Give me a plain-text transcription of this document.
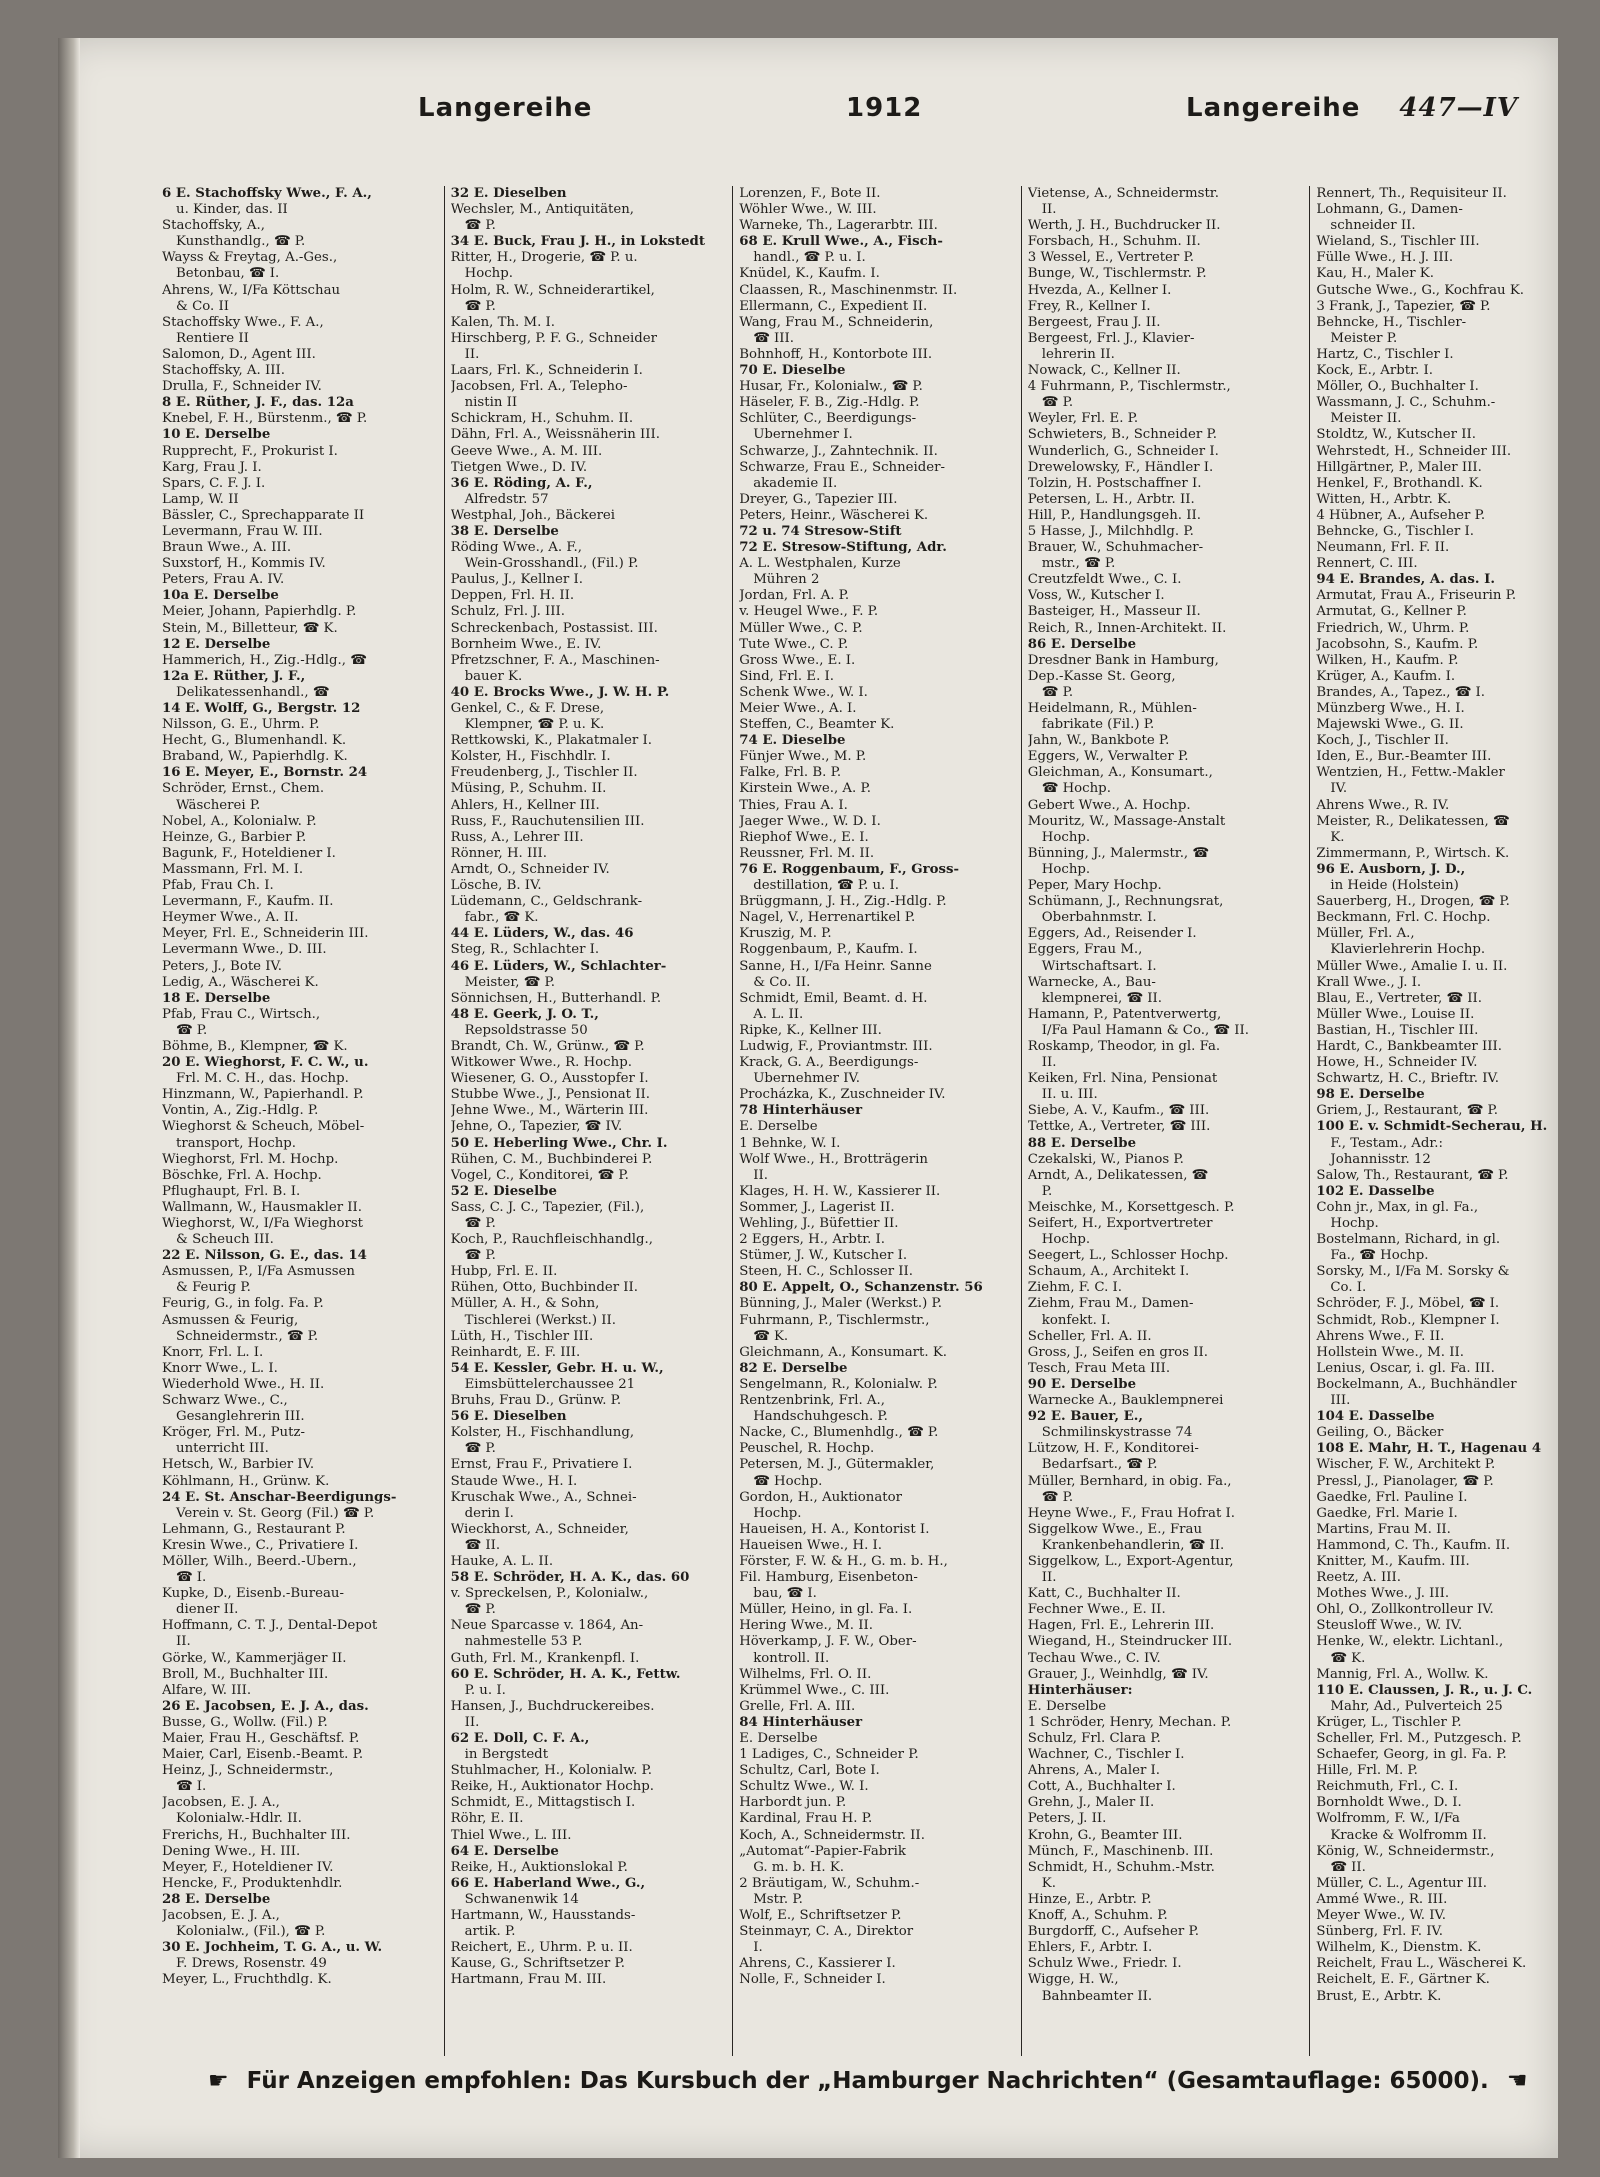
Langereihe	1912	Langereihe 447—IV
6 E. Stachoffsky Wwe., F. A.,
u. Kinder, das. II
Stachoffsky, A.,
Kunsthandlg., ☎ P.
Wayss & Freytag, A.-Ges.,
Betonbau, ☎ I.
Ahrens, W., I/Fa Köttschau
& Co. II
Stachoffsky Wwe., F. A.,
Rentiere II
Salomon, D., Agent III.
Stachoffsky, A. III.
Drulla, F., Schneider IV.
8 E. Rüther, J. F., das. 12a
Knebel, F. H., Bürstenm., ☎ P.
10 E. Derselbe
Rupprecht, F., Prokurist I.
Karg, Frau J. I.
Spars, C. F. J. I.
Lamp, W. II
Bässler, C., Sprechapparate II
Levermann, Frau W. III.
Braun Wwe., A. III.
Suxstorf, H., Kommis IV.
Peters, Frau A. IV.
10a E. Derselbe
Meier, Johann, Papierhdlg. P.
Stein, M., Billetteur, ☎ K.
12 E. Derselbe
Hammerich, H., Zig.-Hdlg., ☎
12a E. Rüther, J. F.,
Delikatessenhandl., ☎
14 E. Wolff, G., Bergstr. 12
Nilsson, G. E., Uhrm. P.
Hecht, G., Blumenhandl. K.
Braband, W., Papierhdlg. K.
16 E. Meyer, E., Bornstr. 24
Schröder, Ernst., Chem.
Wäscherei P.
Nobel, A., Kolonialw. P.
Heinze, G., Barbier P.
Bagunk, F., Hoteldiener I.
Massmann, Frl. M. I.
Pfab, Frau Ch. I.
Levermann, F., Kaufm. II.
Heymer Wwe., A. II.
Meyer, Frl. E., Schneiderin III.
Levermann Wwe., D. III.
Peters, J., Bote IV.
Ledig, A., Wäscherei K.
18 E. Derselbe
Pfab, Frau C., Wirtsch.,
☎ P.
Böhme, B., Klempner, ☎ K.
20 E. Wieghorst, F. C. W., u.
Frl. M. C. H., das. Hochp.
Hinzmann, W., Papierhandl. P.
Vontin, A., Zig.-Hdlg. P.
Wieghorst & Scheuch, Möbel-
transport, Hochp.
Wieghorst, Frl. M. Hochp.
Böschke, Frl. A. Hochp.
Pflughaupt, Frl. B. I.
Wallmann, W., Hausmakler II.
Wieghorst, W., I/Fa Wieghorst
& Scheuch III.
22 E. Nilsson, G. E., das. 14
Asmussen, P., I/Fa Asmussen
& Feurig P.
Feurig, G., in folg. Fa. P.
Asmussen & Feurig,
Schneidermstr., ☎ P.
Knorr, Frl. L. I.
Knorr Wwe., L. I.
Wiederhold Wwe., H. II.
Schwarz Wwe., C.,
Gesanglehrerin III.
Kröger, Frl. M., Putz-
unterricht III.
Hetsch, W., Barbier IV.
Köhlmann, H., Grünw. K.
24 E. St. Anschar-Beerdigungs-
Verein v. St. Georg (Fil.) ☎ P.
Lehmann, G., Restaurant P.
Kresin Wwe., C., Privatiere I.
Möller, Wilh., Beerd.-Übern.,
☎ I.
Kupke, D., Eisenb.-Bureau-
diener II.
Hoffmann, C. T. J., Dental-Depot
II.
Görke, W., Kammerjäger II.
Broll, M., Buchhalter III.
Alfare, W. III.
26 E. Jacobsen, E. J. A., das.
Busse, G., Wollw. (Fil.) P.
Maier, Frau H., Geschäftsf. P.
Maier, Carl, Eisenb.-Beamt. P.
Heinz, J., Schneidermstr.,
☎ I.
Jacobsen, E. J. A.,
Kolonialw.-Hdlr. II.
Frerichs, H., Buchhalter III.
Dening Wwe., H. III.
Meyer, F., Hoteldiener IV.
Hencke, F., Produktenhdlr.
28 E. Derselbe
Jacobsen, E. J. A.,
Kolonialw., (Fil.), ☎ P.
30 E. Jochheim, T. G. A., u. W.
F. Drews, Rosenstr. 49
Meyer, L., Fruchthdlg. K.
32 E. Dieselben
Wechsler, M., Antiquitäten,
☎ P.
34 E. Buck, Frau J. H., in Lokstedt
Ritter, H., Drogerie, ☎ P. u.
Hochp.
Holm, R. W., Schneiderartikel,
☎ P.
Kalen, Th. M. I.
Hirschberg, P. F. G., Schneider
II.
Laars, Frl. K., Schneiderin I.
Jacobsen, Frl. A., Telepho-
nistin II
Schickram, H., Schuhm. II.
Dähn, Frl. A., Weissnäherin III.
Geeve Wwe., A. M. III.
Tietgen Wwe., D. IV.
36 E. Röding, A. F.,
Alfredstr. 57
Westphal, Joh., Bäckerei
38 E. Derselbe
Röding Wwe., A. F.,
Wein-Grosshandl., (Fil.) P.
Paulus, J., Kellner I.
Deppen, Frl. H. II.
Schulz, Frl. J. III.
Schreckenbach, Postassist. III.
Bornheim Wwe., E. IV.
Pfretzschner, F. A., Maschinen-
bauer K.
40 E. Brocks Wwe., J. W. H. P.
Genkel, C., & F. Drese,
Klempner, ☎ P. u. K.
Rettkowski, K., Plakatmaler I.
Kolster, H., Fischhdlr. I.
Freudenberg, J., Tischler II.
Müsing, P., Schuhm. II.
Ahlers, H., Kellner III.
Russ, F., Rauchutensilien III.
Russ, A., Lehrer III.
Rönner, H. III.
Arndt, O., Schneider IV.
Lösche, B. IV.
Lüdemann, C., Geldschrank-
fabr., ☎ K.
44 E. Lüders, W., das. 46
Steg, R., Schlachter I.
46 E. Lüders, W., Schlachter-
Meister, ☎ P.
Sönnichsen, H., Butterhandl. P.
48 E. Geerk, J. O. T.,
Repsoldstrasse 50
Brandt, Ch. W., Grünw., ☎ P.
Witkower Wwe., R. Hochp.
Wiesener, G. O., Ausstopfer I.
Stubbe Wwe., J., Pensionat II.
Jehne Wwe., M., Wärterin III.
Jehne, O., Tapezier, ☎ IV.
50 E. Heberling Wwe., Chr. I.
Rühen, C. M., Buchbinderei P.
Vogel, C., Konditorei, ☎ P.
52 E. Dieselbe
Sass, C. J. C., Tapezier, (Fil.),
☎ P.
Koch, P., Rauchfleischhandlg.,
☎ P.
Hubp, Frl. E. II.
Rühen, Otto, Buchbinder II.
Müller, A. H., & Sohn,
Tischlerei (Werkst.) II.
Lüth, H., Tischler III.
Reinhardt, E. F. III.
54 E. Kessler, Gebr. H. u. W.,
Eimsbüttelerchaussee 21
Bruhs, Frau D., Grünw. P.
56 E. Dieselben
Kolster, H., Fischhandlung,
☎ P.
Ernst, Frau F., Privatiere I.
Staude Wwe., H. I.
Kruschak Wwe., A., Schnei-
derin I.
Wieckhorst, A., Schneider,
☎ II.
Hauke, A. L. II.
58 E. Schröder, H. A. K., das. 60
v. Spreckelsen, P., Kolonialw.,
☎ P.
Neue Sparcasse v. 1864, An-
nahmestelle 53 P.
Guth, Frl. M., Krankenpfl. I.
60 E. Schröder, H. A. K., Fettw.
P. u. I.
Hansen, J., Buchdruckereibes.
II.
62 E. Doll, C. F. A.,
in Bergstedt
Stuhlmacher, H., Kolonialw. P.
Reike, H., Auktionator Hochp.
Schmidt, E., Mittagstisch I.
Röhr, E. II.
Thiel Wwe., L. III.
64 E. Derselbe
Reike, H., Auktionslokal P.
66 E. Haberland Wwe., G.,
Schwanenwik 14
Hartmann, W., Hausstands-
artik. P.
Reichert, E., Uhrm. P. u. II.
Kause, G., Schriftsetzer P.
Hartmann, Frau M. III.
Lorenzen, F., Bote II.
Wöhler Wwe., W. III.
Warneke, Th., Lagerarbtr. III.
68 E. Krull Wwe., A., Fisch-
handl., ☎ P. u. I.
Knüdel, K., Kaufm. I.
Claassen, R., Maschinenmstr. II.
Ellermann, C., Expedient II.
Wang, Frau M., Schneiderin,
☎ III.
Bohnhoff, H., Kontorbote III.
70 E. Dieselbe
Husar, Fr., Kolonialw., ☎ P.
Häseler, F. B., Zig.-Hdlg. P.
Schlüter, C., Beerdigungs-
Übernehmer I.
Schwarze, J., Zahntechnik. II.
Schwarze, Frau E., Schneider-
akademie II.
Dreyer, G., Tapezier III.
Peters, Heinr., Wäscherei K.
72 u. 74 Stresow-Stift
72 E. Stresow-Stiftung, Adr.
A. L. Westphalen, Kurze
Mühren 2
Jordan, Frl. A. P.
v. Heugel Wwe., F. P.
Müller Wwe., C. P.
Tute Wwe., C. P.
Gross Wwe., E. I.
Sind, Frl. E. I.
Schenk Wwe., W. I.
Meier Wwe., A. I.
Steffen, C., Beamter K.
74 E. Dieselbe
Fünjer Wwe., M. P.
Falke, Frl. B. P.
Kirstein Wwe., A. P.
Thies, Frau A. I.
Jaeger Wwe., W. D. I.
Riephof Wwe., E. I.
Reussner, Frl. M. II.
76 E. Roggenbaum, F., Gross-
destillation, ☎ P. u. I.
Brüggmann, J. H., Zig.-Hdlg. P.
Nagel, V., Herrenartikel P.
Kruszig, M. P.
Roggenbaum, P., Kaufm. I.
Sanne, H., I/Fa Heinr. Sanne
& Co. II.
Schmidt, Emil, Beamt. d. H.
A. L. II.
Ripke, K., Kellner III.
Ludwig, F., Proviantmstr. III.
Krack, G. A., Beerdigungs-
Übernehmer IV.
Procházka, K., Zuschneider IV.
78 Hinterhäuser
E. Derselbe
1 Behnke, W. I.
Wolf Wwe., H., Brotträgerin
II.
Klages, H. H. W., Kassierer II.
Sommer, J., Lagerist II.
Wehling, J., Büfettier II.
2 Eggers, H., Arbtr. I.
Stümer, J. W., Kutscher I.
Steen, H. C., Schlosser II.
80 E. Appelt, O., Schanzenstr. 56
Bünning, J., Maler (Werkst.) P.
Fuhrmann, P., Tischlermstr.,
☎ K.
Gleichmann, A., Konsumart. K.
82 E. Derselbe
Sengelmann, R., Kolonialw. P.
Rentzenbrink, Frl. A.,
Handschuhgesch. P.
Nacke, C., Blumenhdlg., ☎ P.
Peuschel, R. Hochp.
Petersen, M. J., Gütermakler,
☎ Hochp.
Gordon, H., Auktionator
Hochp.
Haueisen, H. A., Kontorist I.
Haueisen Wwe., H. I.
Förster, F. W. & H., G. m. b. H.,
Fil. Hamburg, Eisenbeton-
bau, ☎ I.
Müller, Heino, in gl. Fa. I.
Hering Wwe., M. II.
Höverkamp, J. F. W., Ober-
kontroll. II.
Wilhelms, Frl. O. II.
Krümmel Wwe., C. III.
Grelle, Frl. A. III.
84 Hinterhäuser
E. Derselbe
1 Ladiges, C., Schneider P.
Schultz, Carl, Bote I.
Schultz Wwe., W. I.
Harbordt jun. P.
Kardinal, Frau H. P.
Koch, A., Schneidermstr. II.
„Automat“-Papier-Fabrik
G. m. b. H. K.
2 Bräutigam, W., Schuhm.-
Mstr. P.
Wolf, E., Schriftsetzer P.
Steinmayr, C. A., Direktor
I.
Ahrens, C., Kassierer I.
Nolle, F., Schneider I.
Vietense, A., Schneidermstr.
II.
Werth, J. H., Buchdrucker II.
Forsbach, H., Schuhm. II.
3 Wessel, E., Vertreter P.
Bunge, W., Tischlermstr. P.
Hvezda, A., Kellner I.
Frey, R., Kellner I.
Bergeest, Frau J. II.
Bergeest, Frl. J., Klavier-
lehrerin II.
Nowack, C., Kellner II.
4 Fuhrmann, P., Tischlermstr.,
☎ P.
Weyler, Frl. E. P.
Schwieters, B., Schneider P.
Wunderlich, G., Schneider I.
Drewelowsky, F., Händler I.
Tolzin, H. Postschaffner I.
Petersen, L. H., Arbtr. II.
Hill, P., Handlungsgeh. II.
5 Hasse, J., Milchhdlg. P.
Brauer, W., Schuhmacher-
mstr., ☎ P.
Creutzfeldt Wwe., C. I.
Voss, W., Kutscher I.
Basteiger, H., Masseur II.
Reich, R., Innen-Architekt. II.
86 E. Derselbe
Dresdner Bank in Hamburg,
Dep.-Kasse St. Georg,
☎ P.
Heidelmann, R., Mühlen-
fabrikate (Fil.) P.
Jahn, W., Bankbote P.
Eggers, W., Verwalter P.
Gleichman, A., Konsumart.,
☎ Hochp.
Gebert Wwe., A. Hochp.
Mouritz, W., Massage-Anstalt
Hochp.
Bünning, J., Malermstr., ☎
Hochp.
Peper, Mary Hochp.
Schümann, J., Rechnungsrat,
Oberbahnmstr. I.
Eggers, Ad., Reisender I.
Eggers, Frau M.,
Wirtschaftsart. I.
Warnecke, A., Bau-
klempnerei, ☎ II.
Hamann, P., Patentverwertg,
I/Fa Paul Hamann & Co., ☎ II.
Roskamp, Theodor, in gl. Fa.
II.
Keiken, Frl. Nina, Pensionat
II. u. III.
Siebe, A. V., Kaufm., ☎ III.
Tettke, A., Vertreter, ☎ III.
88 E. Derselbe
Czekalski, W., Pianos P.
Arndt, A., Delikatessen, ☎
P.
Meischke, M., Korsettgesch. P.
Seifert, H., Exportvertreter
Hochp.
Seegert, L., Schlosser Hochp.
Schaum, A., Architekt I.
Ziehm, F. C. I.
Ziehm, Frau M., Damen-
konfekt. I.
Scheller, Frl. A. II.
Gross, J., Seifen en gros II.
Tesch, Frau Meta III.
90 E. Derselbe
Warnecke A., Bauklempnerei
92 E. Bauer, E.,
Schmilinskystrasse 74
Lützow, H. F., Konditorei-
Bedarfsart., ☎ P.
Müller, Bernhard, in obig. Fa.,
☎ P.
Heyne Wwe., F., Frau Hofrat I.
Siggelkow Wwe., E., Frau
Krankenbehandlerin, ☎ II.
Siggelkow, L., Export-Agentur,
II.
Katt, C., Buchhalter II.
Fechner Wwe., E. II.
Hagen, Frl. E., Lehrerin III.
Wiegand, H., Steindrucker III.
Techau Wwe., C. IV.
Grauer, J., Weinhdlg, ☎ IV.
Hinterhäuser:
E. Derselbe
1 Schröder, Henry, Mechan. P.
Schulz, Frl. Clara P.
Wachner, C., Tischler I.
Ahrens, A., Maler I.
Cott, A., Buchhalter I.
Grehn, J., Maler II.
Peters, J. II.
Krohn, G., Beamter III.
Münch, F., Maschinenb. III.
Schmidt, H., Schuhm.-Mstr.
K.
Hinze, E., Arbtr. P.
Knoff, A., Schuhm. P.
Burgdorff, C., Aufseher P.
Ehlers, F., Arbtr. I.
Schulz Wwe., Friedr. I.
Wigge, H. W.,
Bahnbeamter II.
Rennert, Th., Requisiteur II.
Lohmann, G., Damen-
schneider II.
Wieland, S., Tischler III.
Fülle Wwe., H. J. III.
Kau, H., Maler K.
Gutsche Wwe., G., Kochfrau K.
3 Frank, J., Tapezier, ☎ P.
Behncke, H., Tischler-
Meister P.
Hartz, C., Tischler I.
Kock, E., Arbtr. I.
Möller, O., Buchhalter I.
Wassmann, J. C., Schuhm.-
Meister II.
Stoldtz, W., Kutscher II.
Wehrstedt, H., Schneider III.
Hillgärtner, P., Maler III.
Henkel, F., Brothandl. K.
Witten, H., Arbtr. K.
4 Hübner, A., Aufseher P.
Behncke, G., Tischler I.
Neumann, Frl. F. II.
Rennert, C. III.
94 E. Brandes, A. das. I.
Armutat, Frau A., Friseurin P.
Armutat, G., Kellner P.
Friedrich, W., Uhrm. P.
Jacobsohn, S., Kaufm. P.
Wilken, H., Kaufm. P.
Krüger, A., Kaufm. I.
Brandes, A., Tapez., ☎ I.
Münzberg Wwe., H. I.
Majewski Wwe., G. II.
Koch, J., Tischler II.
Iden, E., Bur.-Beamter III.
Wentzien, H., Fettw.-Makler
IV.
Ahrens Wwe., R. IV.
Meister, R., Delikatessen, ☎
K.
Zimmermann, P., Wirtsch. K.
96 E. Ausborn, J. D.,
in Heide (Holstein)
Sauerberg, H., Drogen, ☎ P.
Beckmann, Frl. C. Hochp.
Müller, Frl. A.,
Klavierlehrerin Hochp.
Müller Wwe., Amalie I. u. II.
Krall Wwe., J. I.
Blau, E., Vertreter, ☎ II.
Müller Wwe., Louise II.
Bastian, H., Tischler III.
Hardt, C., Bankbeamter III.
Howe, H., Schneider IV.
Schwartz, H. C., Brieftr. IV.
98 E. Derselbe
Griem, J., Restaurant, ☎ P.
100 E. v. Schmidt-Secherau, H.
F., Testam., Adr.:
Johannisstr. 12
Salow, Th., Restaurant, ☎ P.
102 E. Dasselbe
Cohn jr., Max, in gl. Fa.,
Hochp.
Bostelmann, Richard, in gl.
Fa., ☎ Hochp.
Sorsky, M., I/Fa M. Sorsky &
Co. I.
Schröder, F. J., Möbel, ☎ I.
Schmidt, Rob., Klempner I.
Ahrens Wwe., F. II.
Hollstein Wwe., M. II.
Lenius, Oscar, i. gl. Fa. III.
Bockelmann, A., Buchhändler
III.
104 E. Dasselbe
Geiling, O., Bäcker
108 E. Mahr, H. T., Hagenau 4
Wischer, F. W., Architekt P.
Pressl, J., Pianolager, ☎ P.
Gaedke, Frl. Pauline I.
Gaedke, Frl. Marie I.
Martins, Frau M. II.
Hammond, C. Th., Kaufm. II.
Knitter, M., Kaufm. III.
Reetz, A. III.
Mothes Wwe., J. III.
Ohl, O., Zollkontrolleur IV.
Steusloff Wwe., W. IV.
Henke, W., elektr. Lichtanl.,
☎ K.
Mannig, Frl. A., Wollw. K.
110 E. Claussen, J. R., u. J. C.
Mahr, Ad., Pulverteich 25
Krüger, L., Tischler P.
Scheller, Frl. M., Putzgesch. P.
Schaefer, Georg, in gl. Fa. P.
Hille, Frl. M. P.
Reichmuth, Frl., C. I.
Bornholdt Wwe., D. I.
Wolfromm, F. W., I/Fa
Kracke & Wolfromm II.
König, W., Schneidermstr.,
☎ II.
Müller, C. L., Agentur III.
Ammé Wwe., R. III.
Meyer Wwe., W. IV.
Sünberg, Frl. F. IV.
Wilhelm, K., Dienstm. K.
Reichelt, Frau L., Wäscherei K.
Reichelt, E. F., Gärtner K.
Brust, E., Arbtr. K.
☛ Für Anzeigen empfohlen: Das Kursbuch der „Hamburger Nachrichten“ (Gesamtauflage: 65000). ☚
